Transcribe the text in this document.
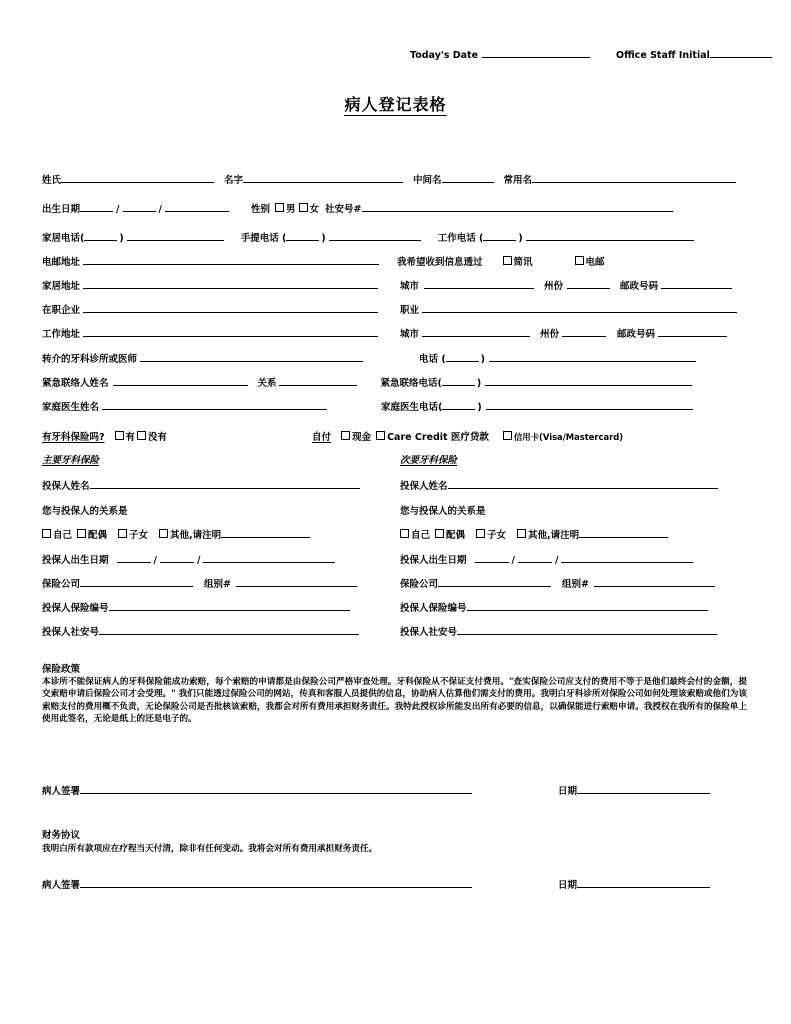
Today's Date	Office Staff Initial
病人登记表格
姓氏	名字	中间名	常用名
出生日期	/	/	性别 男 女 社安号#
家居电话(	)	手提电话 (	)	工作电话 (	)
电邮地址	我希望收到信息透过	简讯	电邮
家居地址	城市	州份	邮政号码
在职企业	职业
工作地址	城市	州份	邮政号码
转介的牙科诊所或医师	电话 (	)
紧急联络人姓名	关系	紧急联络电话(	)
家庭医生姓名	家庭医生电话(	)
有牙科保险吗? 有 没有	自付 现金 Care Credit 医疗贷款	信用卡(Visa/Mastercard)
主要牙科保险	次要牙科保险
投保人姓名	投保人姓名
您与投保人的关系是	您与投保人的关系是
自己 配偶 子女 其他,请注明	自己 配偶 子女 其他,请注明
投保人出生日期	/	/	投保人出生日期	/	/
保险公司	组别#	保险公司	组别#
投保人保险编号	投保人保险编号
投保人社安号	投保人社安号
保险政策
本诊所不能保证病人的牙科保险能成功索赔，每个索赔的申请都是由保险公司严格审查处理。牙科保险从不保证支付费用。"查实保险公司应支付的费用不等于是他们最终会付的金额，提交索赔申请后保险公司才会受理。" 我们只能透过保险公司的网站，传真和客服人员提供的信息，协助病人估算他们需支付的费用。我明白牙科诊所对保险公司如何处理该索赔或他们为该索赔支付的费用概不负责，无论保险公司是否批核该索赔，我都会对所有费用承担财务责任。我特此授权诊所能发出所有必要的信息，以确保能进行索赔申请。我授权在我所有的保险单上使用此签名，无论是纸上的还是电子的。
病人签署	日期
财务协议
我明白所有款项应在疗程当天付清，除非有任何变动。我将会对所有费用承担财务责任。
病人签署	日期
